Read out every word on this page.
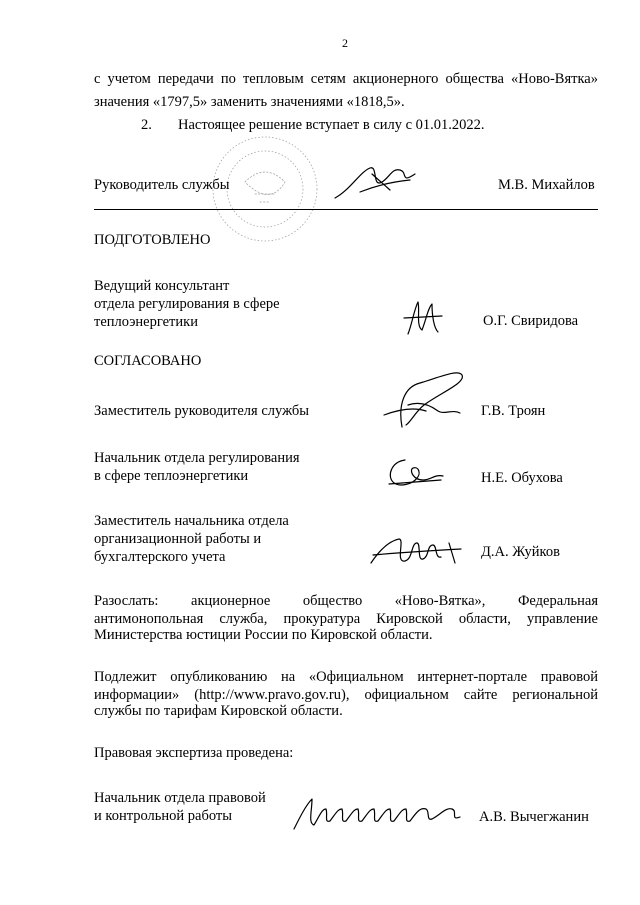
2
с учетом передачи по тепловым сетям акционерного общества «Ново-Вятка»
значения «1797,5» заменить значениями «1818,5».
2. Настоящее решение вступает в силу с 01.01.2022.
Руководитель службы	М.В. Михайлов
ПОДГОТОВЛЕНО
Ведущий консультант
отдела регулирования в сфере
теплоэнергетики	О.Г. Свиридова
СОГЛАСОВАНО
Заместитель руководителя службы	Г.В. Троян
Начальник отдела регулирования
в сфере теплоэнергетики	Н.Е. Обухова
Заместитель начальника отдела
организационной работы и
бухгалтерского учета	Д.А. Жуйков
Разослать: акционерное общество «Ново-Вятка», Федеральная
антимонопольная служба, прокуратура Кировской области, управление
Министерства юстиции России по Кировской области.
Подлежит опубликованию на «Официальном интернет-портале правовой
информации» (http://www.pravo.gov.ru), официальном сайте региональной
службы по тарифам Кировской области.
Правовая экспертиза проведена:
Начальник отдела правовой
и контрольной работы	А.В. Вычегжанин
